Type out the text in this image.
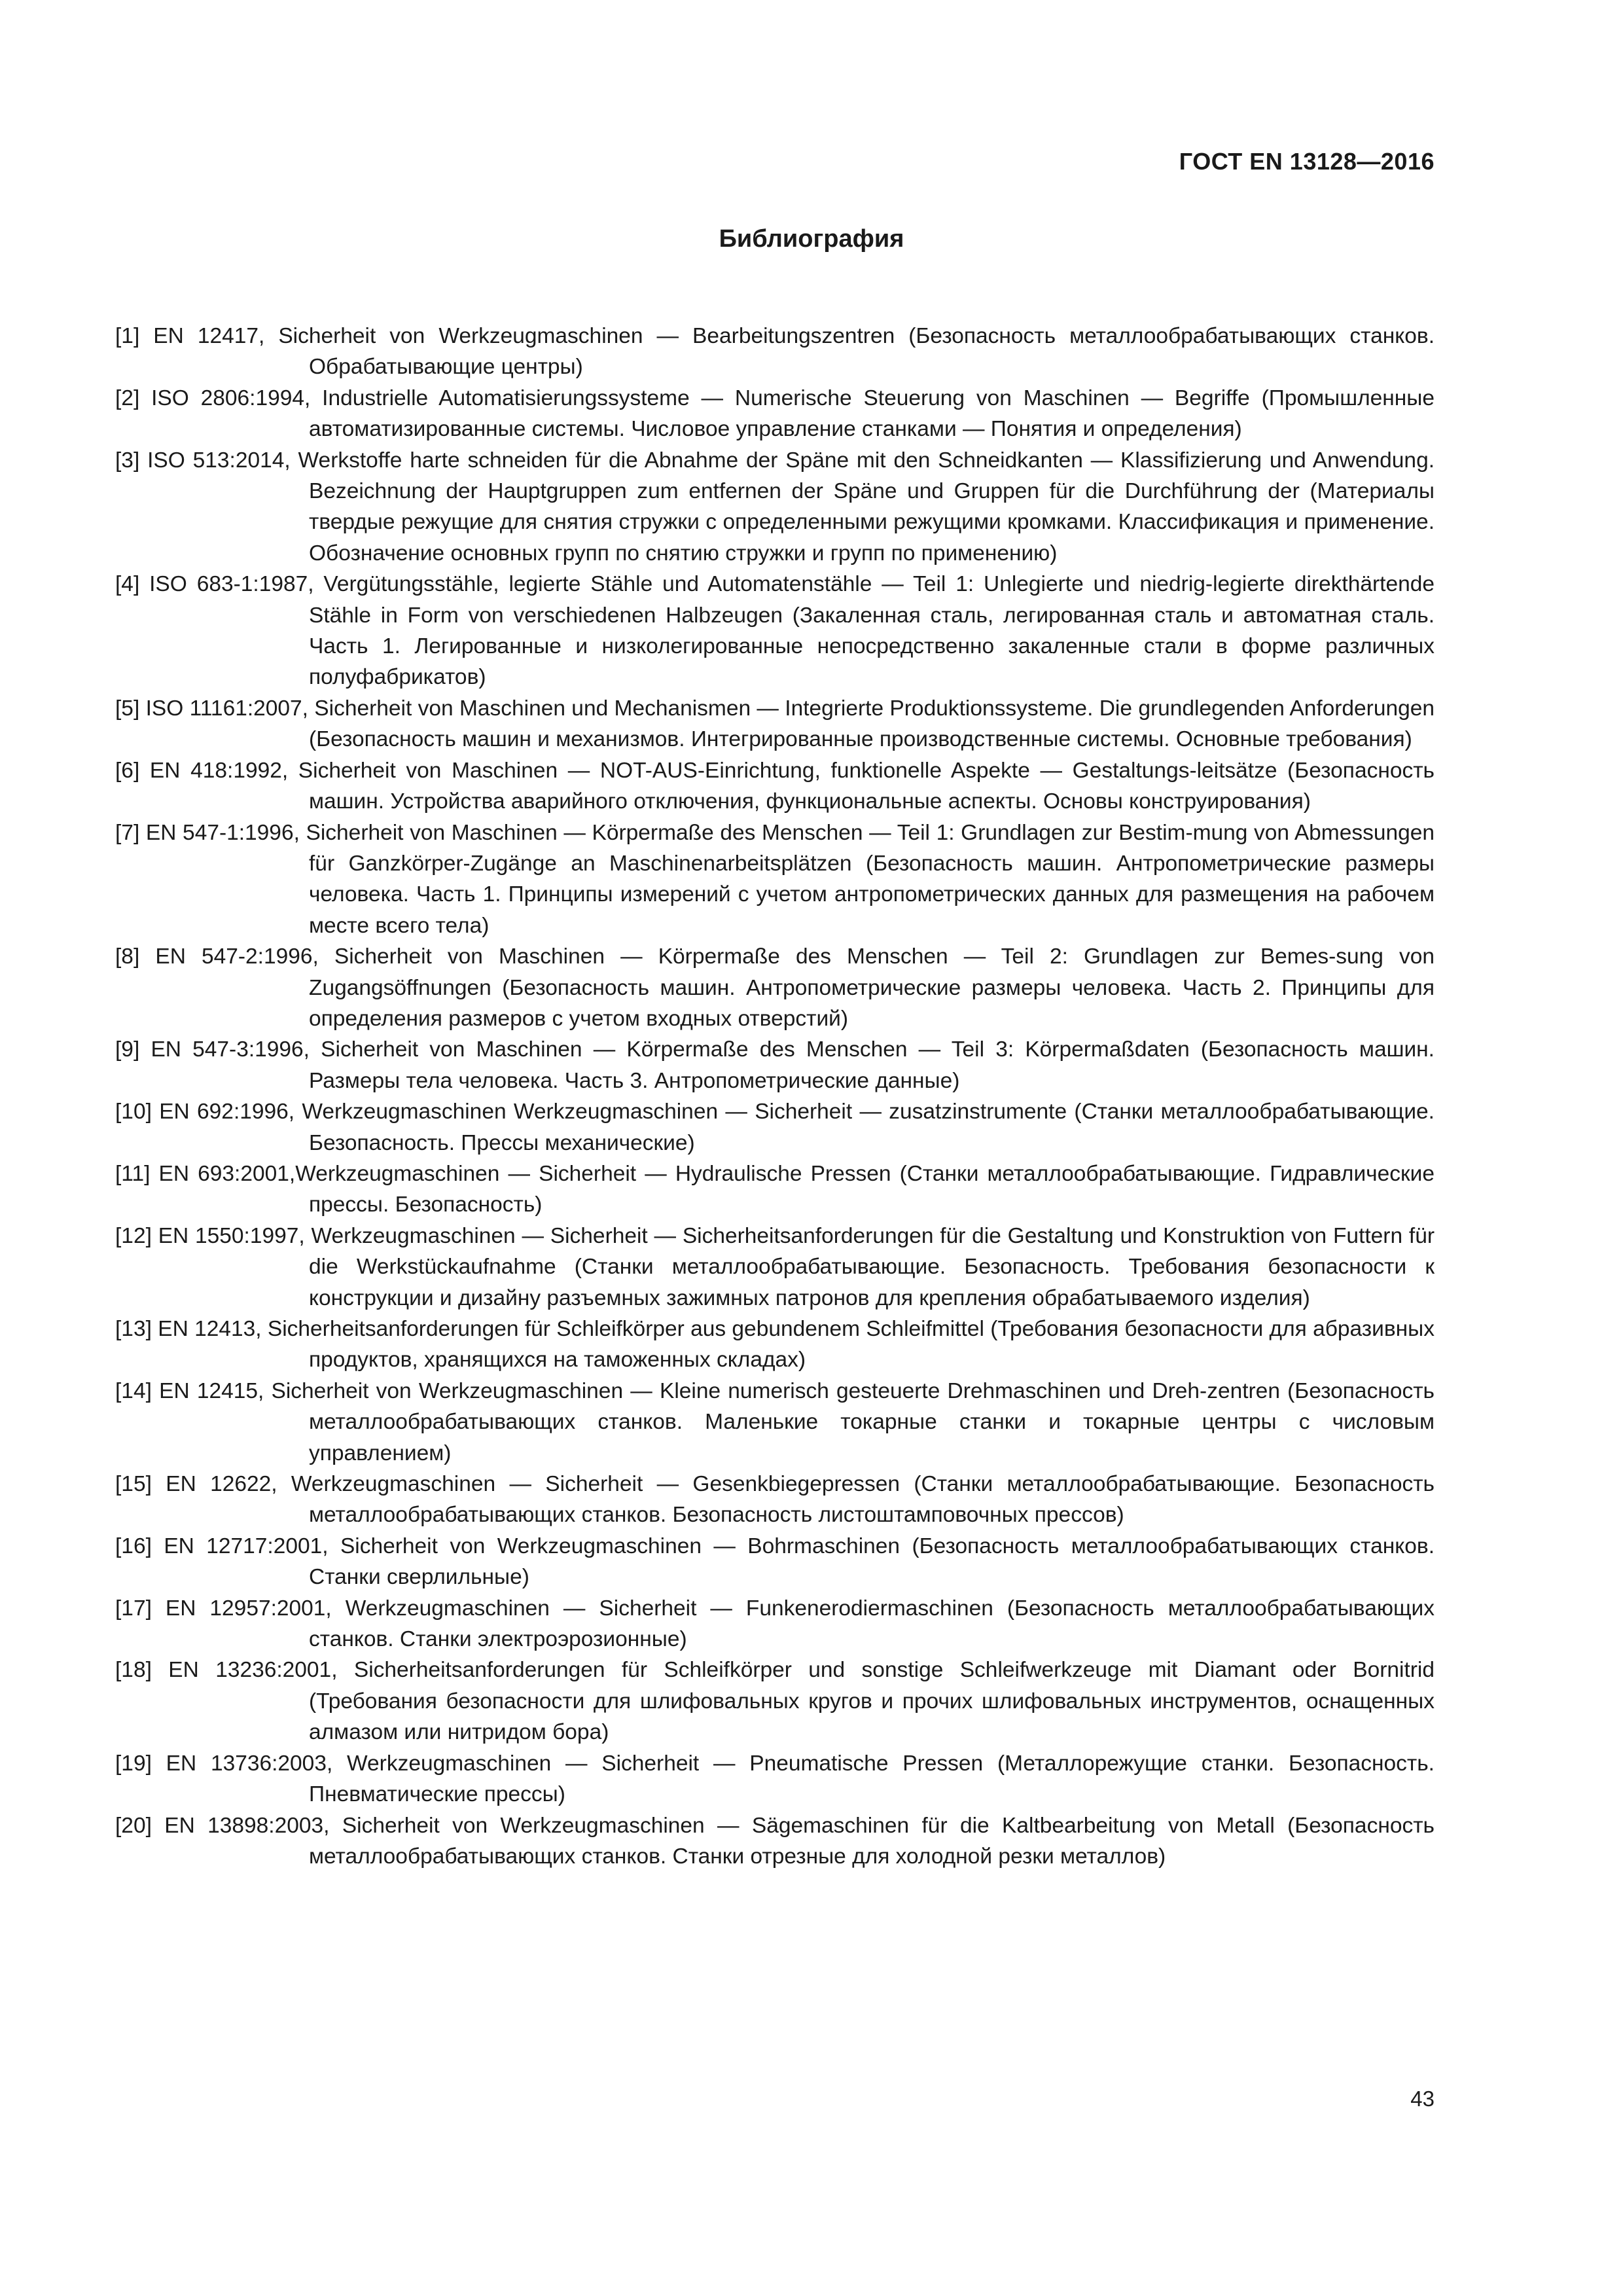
ГОСТ EN 13128—2016
Библиография
[1] EN 12417, Sicherheit von Werkzeugmaschinen — Bearbeitungszentren (Безопасность металлообрабатывающих станков. Обрабатывающие центры)
[2] ISO 2806:1994, Industrielle Automatisierungssysteme — Numerische Steuerung von Maschinen — Begriffe (Промышленные автоматизированные системы. Числовое управление станками — Понятия и определения)
[3] ISO 513:2014, Werkstoffe harte schneiden für die Abnahme der Späne mit den Schneidkanten — Klassifizierung und Anwendung. Bezeichnung der Hauptgruppen zum entfernen der Späne und Gruppen für die Durchführung der (Материалы твердые режущие для снятия стружки с определенными режущими кромками. Классификация и применение. Обозначение основных групп по снятию стружки и групп по применению)
[4] ISO 683-1:1987, Vergütungsstähle, legierte Stähle und Automatenstähle — Teil 1: Unlegierte und niedrig-legierte direkthärtende Stähle in Form von verschiedenen Halbzeugen (Закаленная сталь, легированная сталь и автоматная сталь. Часть 1. Легированные и низколегированные непосредственно закаленные стали в форме различных полуфабрикатов)
[5] ISO 11161:2007, Sicherheit von Maschinen und Mechanismen — Integrierte Produktionssysteme. Die grundlegenden Anforderungen (Безопасность машин и механизмов. Интегрированные производственные системы. Основные требования)
[6] EN 418:1992, Sicherheit von Maschinen — NOT-AUS-Einrichtung, funktionelle Aspekte — Gestaltungs-leitsätze (Безопасность машин. Устройства аварийного отключения, функциональные аспекты. Основы конструирования)
[7] EN 547-1:1996, Sicherheit von Maschinen — Körpermaße des Menschen — Teil 1: Grundlagen zur Bestim-mung von Abmessungen für Ganzkörper-Zugänge an Maschinenarbeitsplätzen (Безопасность машин. Антропометрические размеры человека. Часть 1. Принципы измерений с учетом антропометрических данных для размещения на рабочем месте всего тела)
[8] EN 547-2:1996, Sicherheit von Maschinen — Körpermaße des Menschen — Teil 2: Grundlagen zur Bemes-sung von Zugangsöffnungen (Безопасность машин. Антропометрические размеры человека. Часть 2. Принципы для определения размеров с учетом входных отверстий)
[9] EN 547-3:1996, Sicherheit von Maschinen — Körpermaße des Menschen — Teil 3: Körpermaßdaten (Безопасность машин. Размеры тела человека. Часть 3. Антропометрические данные)
[10] EN 692:1996, Werkzeugmaschinen Werkzeugmaschinen — Sicherheit — zusatzinstrumente (Станки металлообрабатывающие. Безопасность. Прессы механические)
[11] EN 693:2001,Werkzeugmaschinen — Sicherheit — Hydraulische Pressen (Станки металлообрабатывающие. Гидравлические прессы. Безопасность)
[12] EN 1550:1997, Werkzeugmaschinen — Sicherheit — Sicherheitsanforderungen für die Gestaltung und Konstruktion von Futtern für die Werkstückaufnahme (Станки металлообрабатывающие. Безопасность. Требования безопасности к конструкции и дизайну разъемных зажимных патронов для крепления обрабатываемого изделия)
[13] EN 12413, Sicherheitsanforderungen für Schleifkörper aus gebundenem Schleifmittel (Требования безопасности для абразивных продуктов, хранящихся на таможенных складах)
[14] EN 12415, Sicherheit von Werkzeugmaschinen — Kleine numerisch gesteuerte Drehmaschinen und Dreh-zentren (Безопасность металлообрабатывающих станков. Маленькие токарные станки и токарные центры с числовым управлением)
[15] EN 12622, Werkzeugmaschinen — Sicherheit — Gesenkbiegepressen (Станки металлообрабатывающие. Безопасность металлообрабатывающих станков. Безопасность листоштамповочных прессов)
[16] EN 12717:2001, Sicherheit von Werkzeugmaschinen — Bohrmaschinen (Безопасность металлообрабатывающих станков. Станки сверлильные)
[17] EN 12957:2001, Werkzeugmaschinen — Sicherheit — Funkenerodiermaschinen (Безопасность металлообрабатывающих станков. Станки электроэрозионные)
[18] EN 13236:2001, Sicherheitsanforderungen für Schleifkörper und sonstige Schleifwerkzeuge mit Diamant oder Bornitrid (Требования безопасности для шлифовальных кругов и прочих шлифовальных инструментов, оснащенных алмазом или нитридом бора)
[19] EN 13736:2003, Werkzeugmaschinen — Sicherheit — Pneumatische Pressen (Металлорежущие станки. Безопасность. Пневматические прессы)
[20] EN 13898:2003, Sicherheit von Werkzeugmaschinen — Sägemaschinen für die Kaltbearbeitung von Metall (Безопасность металлообрабатывающих станков. Станки отрезные для холодной резки металлов)
43
